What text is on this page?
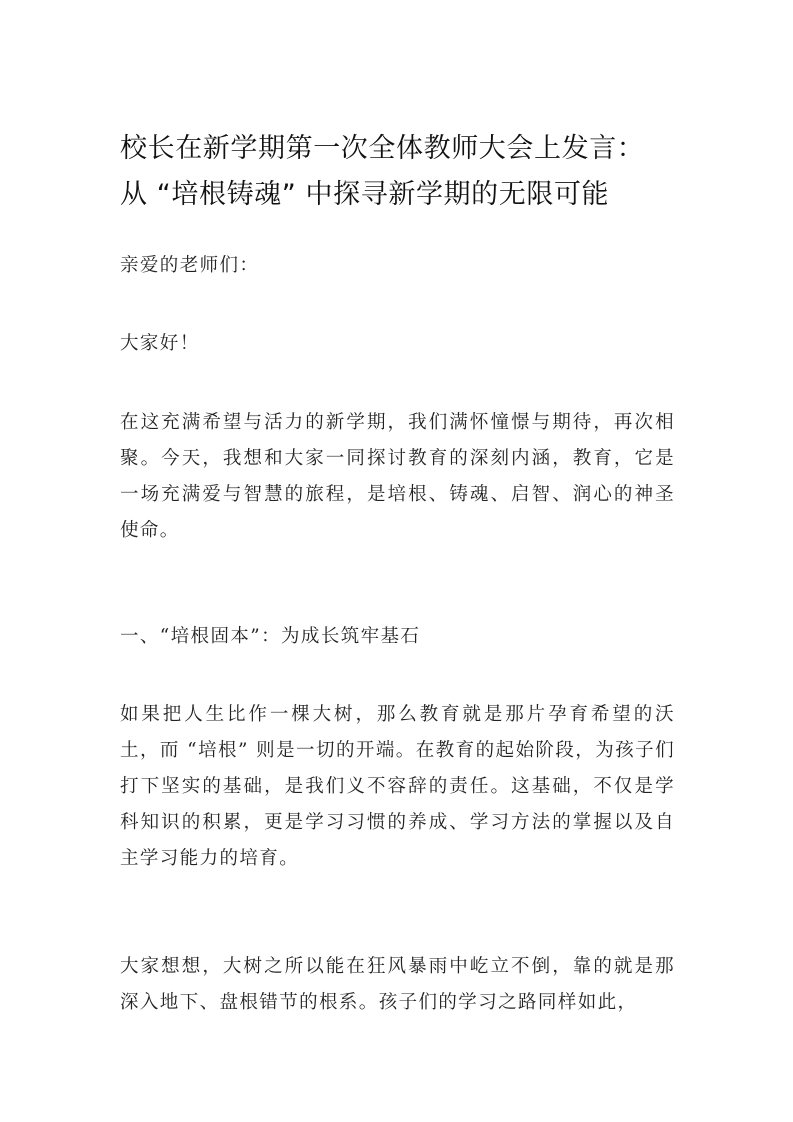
校长在新学期第一次全体教师大会上发言：
从 “培根铸魂” 中探寻新学期的无限可能

亲爱的老师们：

大家好！

在这充满希望与活力的新学期，我们满怀憧憬与期待，再次相聚。今天，我想和大家一同探讨教育的深刻内涵，教育，它是一场充满爱与智慧的旅程，是培根、铸魂、启智、润心的神圣使命。

一、“培根固本”：为成长筑牢基石

如果把人生比作一棵大树，那么教育就是那片孕育希望的沃土，而 “培根” 则是一切的开端。在教育的起始阶段，为孩子们打下坚实的基础，是我们义不容辞的责任。这基础，不仅是学科知识的积累，更是学习习惯的养成、学习方法的掌握以及自主学习能力的培育。

大家想想，大树之所以能在狂风暴雨中屹立不倒，靠的就是那深入地下、盘根错节的根系。孩子们的学习之路同样如此，
